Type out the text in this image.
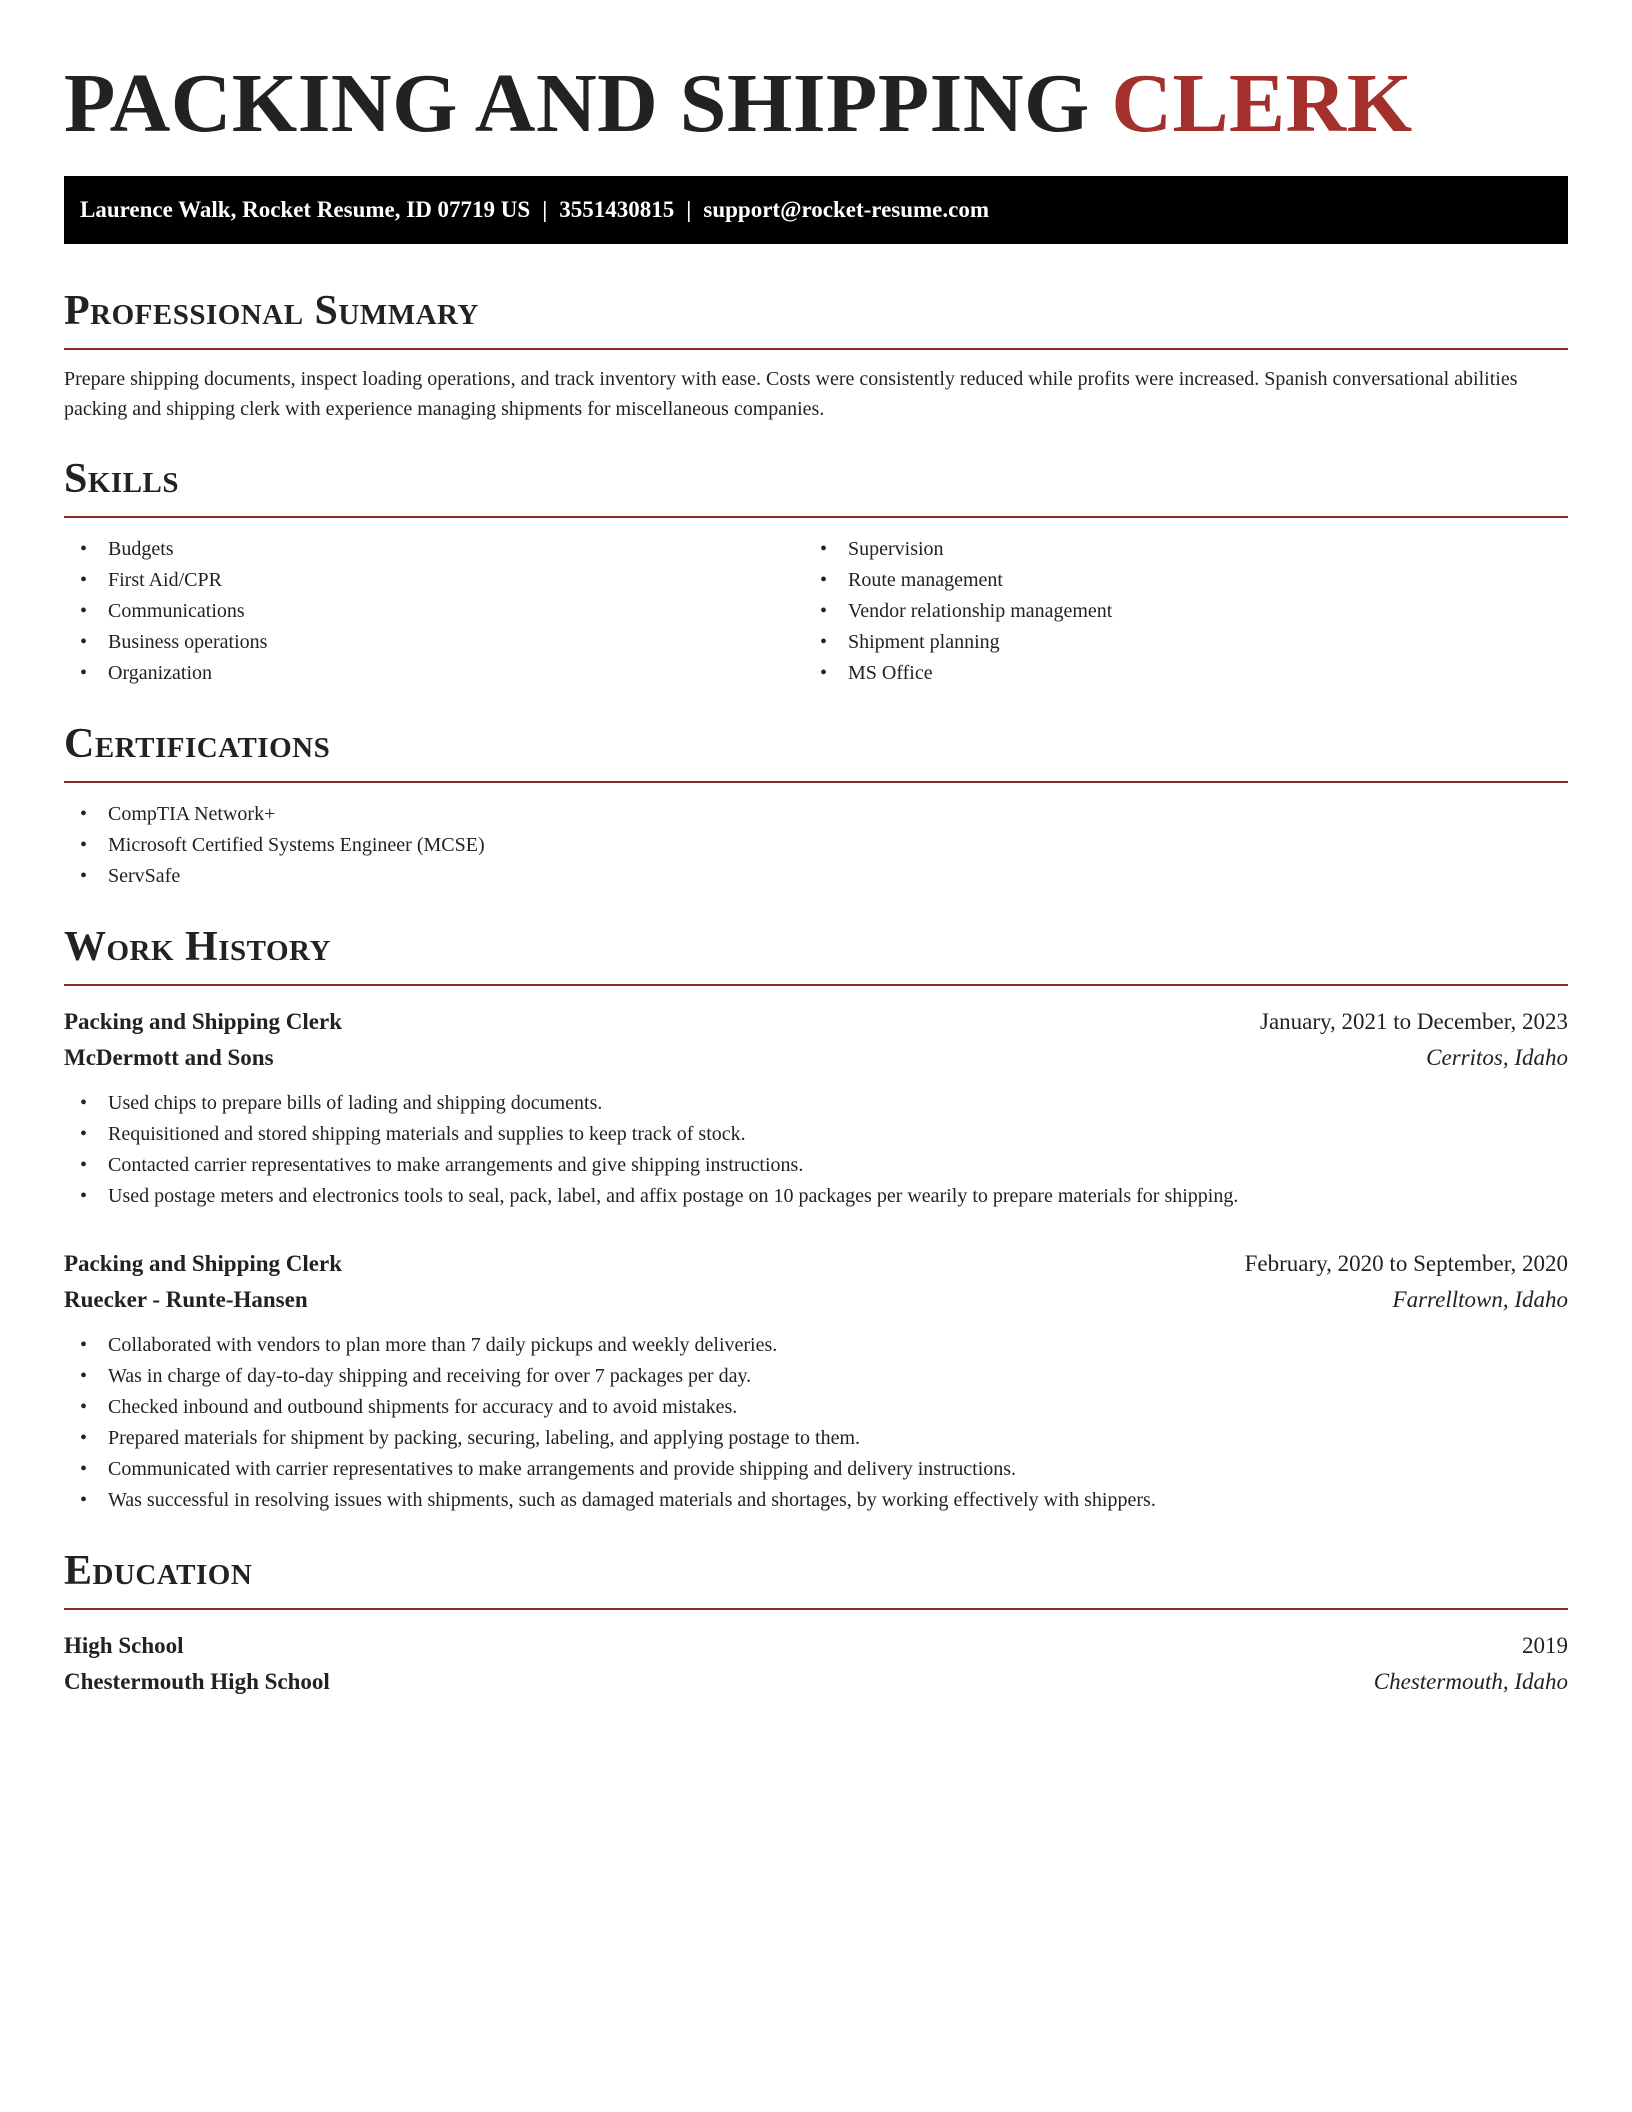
PACKING AND SHIPPING CLERK
Laurence Walk, Rocket Resume, ID 07719 US | 3551430815 | support@rocket-resume.com
Professional Summary

Prepare shipping documents, inspect loading operations, and track inventory with ease. Costs were consistently reduced while profits were increased. Spanish conversational abilities packing and shipping clerk with experience managing shipments for miscellaneous companies.

Skills
• Budgets
• First Aid/CPR
• Communications
• Business operations
• Organization
• Supervision
• Route management
• Vendor relationship management
• Shipment planning
• MS Office
Certifications
• CompTIA Network+
• Microsoft Certified Systems Engineer (MCSE)
• ServSafe
Work History
Packing and Shipping Clerk	January, 2021 to December, 2023
McDermott and Sons	Cerritos, Idaho
• Used chips to prepare bills of lading and shipping documents.
• Requisitioned and stored shipping materials and supplies to keep track of stock.
• Contacted carrier representatives to make arrangements and give shipping instructions.
• Used postage meters and electronics tools to seal, pack, label, and affix postage on 10 packages per wearily to prepare materials for shipping.
Packing and Shipping Clerk	February, 2020 to September, 2020
Ruecker - Runte-Hansen	Farrelltown, Idaho
• Collaborated with vendors to plan more than 7 daily pickups and weekly deliveries.
• Was in charge of day-to-day shipping and receiving for over 7 packages per day.
• Checked inbound and outbound shipments for accuracy and to avoid mistakes.
• Prepared materials for shipment by packing, securing, labeling, and applying postage to them.
• Communicated with carrier representatives to make arrangements and provide shipping and delivery instructions.
• Was successful in resolving issues with shipments, such as damaged materials and shortages, by working effectively with shippers.
Education
High School	2019
Chestermouth High School	Chestermouth, Idaho
